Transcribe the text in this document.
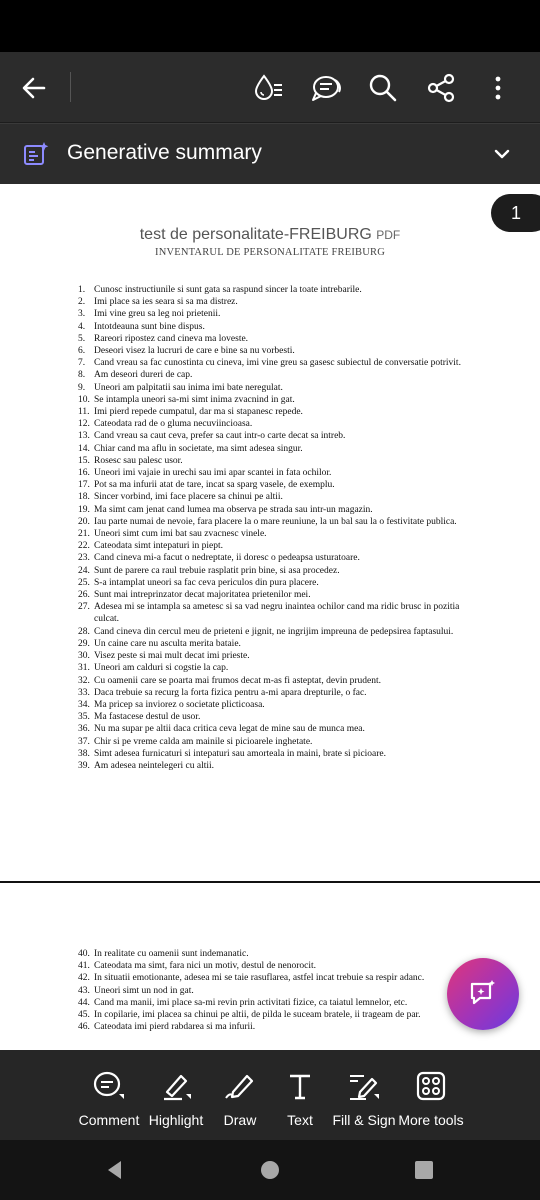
Generative summary
test de personalitate-FREIBURG PDF
INVENTARUL DE PERSONALITATE FREIBURG
1. Cunosc instructiunile si sunt gata sa raspund sincer la toate intrebarile.
2. Imi place sa ies seara si sa ma distrez.
3. Imi vine greu sa leg noi prietenii.
4. Intotdeauna sunt bine dispus.
5. Rareori ripostez cand cineva ma loveste.
6. Deseori visez la lucruri de care e bine sa nu vorbesti.
7. Cand vreau sa fac cunostinta cu cineva, imi vine greu sa gasesc subiectul de conversatie potrivit.
8. Am deseori dureri de cap.
9. Uneori am palpitatii sau inima imi bate neregulat.
10. Se intampla uneori sa-mi simt inima zvacnind in gat.
11. Imi pierd repede cumpatul, dar ma si stapanesc repede.
12. Cateodata rad de o gluma necuviincioasa.
13. Cand vreau sa caut ceva, prefer sa caut intr-o carte decat sa intreb.
14. Chiar cand ma aflu in societate, ma simt adesea singur.
15. Rosesc sau palesc usor.
16. Uneori imi vajaie in urechi sau imi apar scantei in fata ochilor.
17. Pot sa ma infurii atat de tare, incat sa sparg vasele, de exemplu.
18. Sincer vorbind, imi face placere sa chinui pe altii.
19. Ma simt cam jenat cand lumea ma observa pe strada sau intr-un magazin.
20. Iau parte numai de nevoie, fara placere la o mare reuniune, la un bal sau la o festivitate publica.
21. Uneori simt cum imi bat sau zvacnesc vinele.
22. Cateodata simt intepaturi in piept.
23. Cand cineva mi-a facut o nedreptate, ii doresc o pedeapsa usturatoare.
24. Sunt de parere ca raul trebuie rasplatit prin bine, si asa procedez.
25. S-a intamplat uneori sa fac ceva periculos din pura placere.
26. Sunt mai intreprinzator decat majoritatea prietenilor mei.
27. Adesea mi se intampla sa ametesc si sa vad negru inaintea ochilor cand ma ridic brusc in pozitia culcat.
28. Cand cineva din cercul meu de prieteni e jignit, ne ingrijim impreuna de pedepsirea faptasului.
29. Un caine care nu asculta merita bataie.
30. Visez peste si mai mult decat imi prieste.
31. Uneori am calduri si cogstie la cap.
32. Cu oamenii care se poarta mai frumos decat m-as fi asteptat, devin prudent.
33. Daca trebuie sa recurg la forta fizica pentru a-mi apara drepturile, o fac.
34. Ma pricep sa inviorez o societate plicticoasa.
35. Ma fastacese destul de usor.
36. Nu ma supar pe altii daca critica ceva legat de mine sau de munca mea.
37. Chir si pe vreme calda am mainile si picioarele inghetate.
38. Simt adesea furnicaturi si intepaturi sau amorteala in maini, brate si picioare.
39. Am adesea neintelegeri cu altii.
40. In realitate cu oamenii sunt indemanatic.
41. Cateodata ma simt, fara nici un motiv, destul de nenorocit.
42. In situatii emotionante, adesea mi se taie rasuflarea, astfel incat trebuie sa respir adanc.
43. Uneori simt un nod in gat.
44. Cand ma manii, imi place sa-mi revin prin activitati fizice, ca taiatul lemnelor, etc.
45. In copilarie, imi placea sa chinui pe altii, de pilda le suceam bratele, ii trageam de par.
46. Cateodata imi pierd rabdarea si ma infurii.
1
Comment Highlight	Draw	Text	Fill & Sign More tools
